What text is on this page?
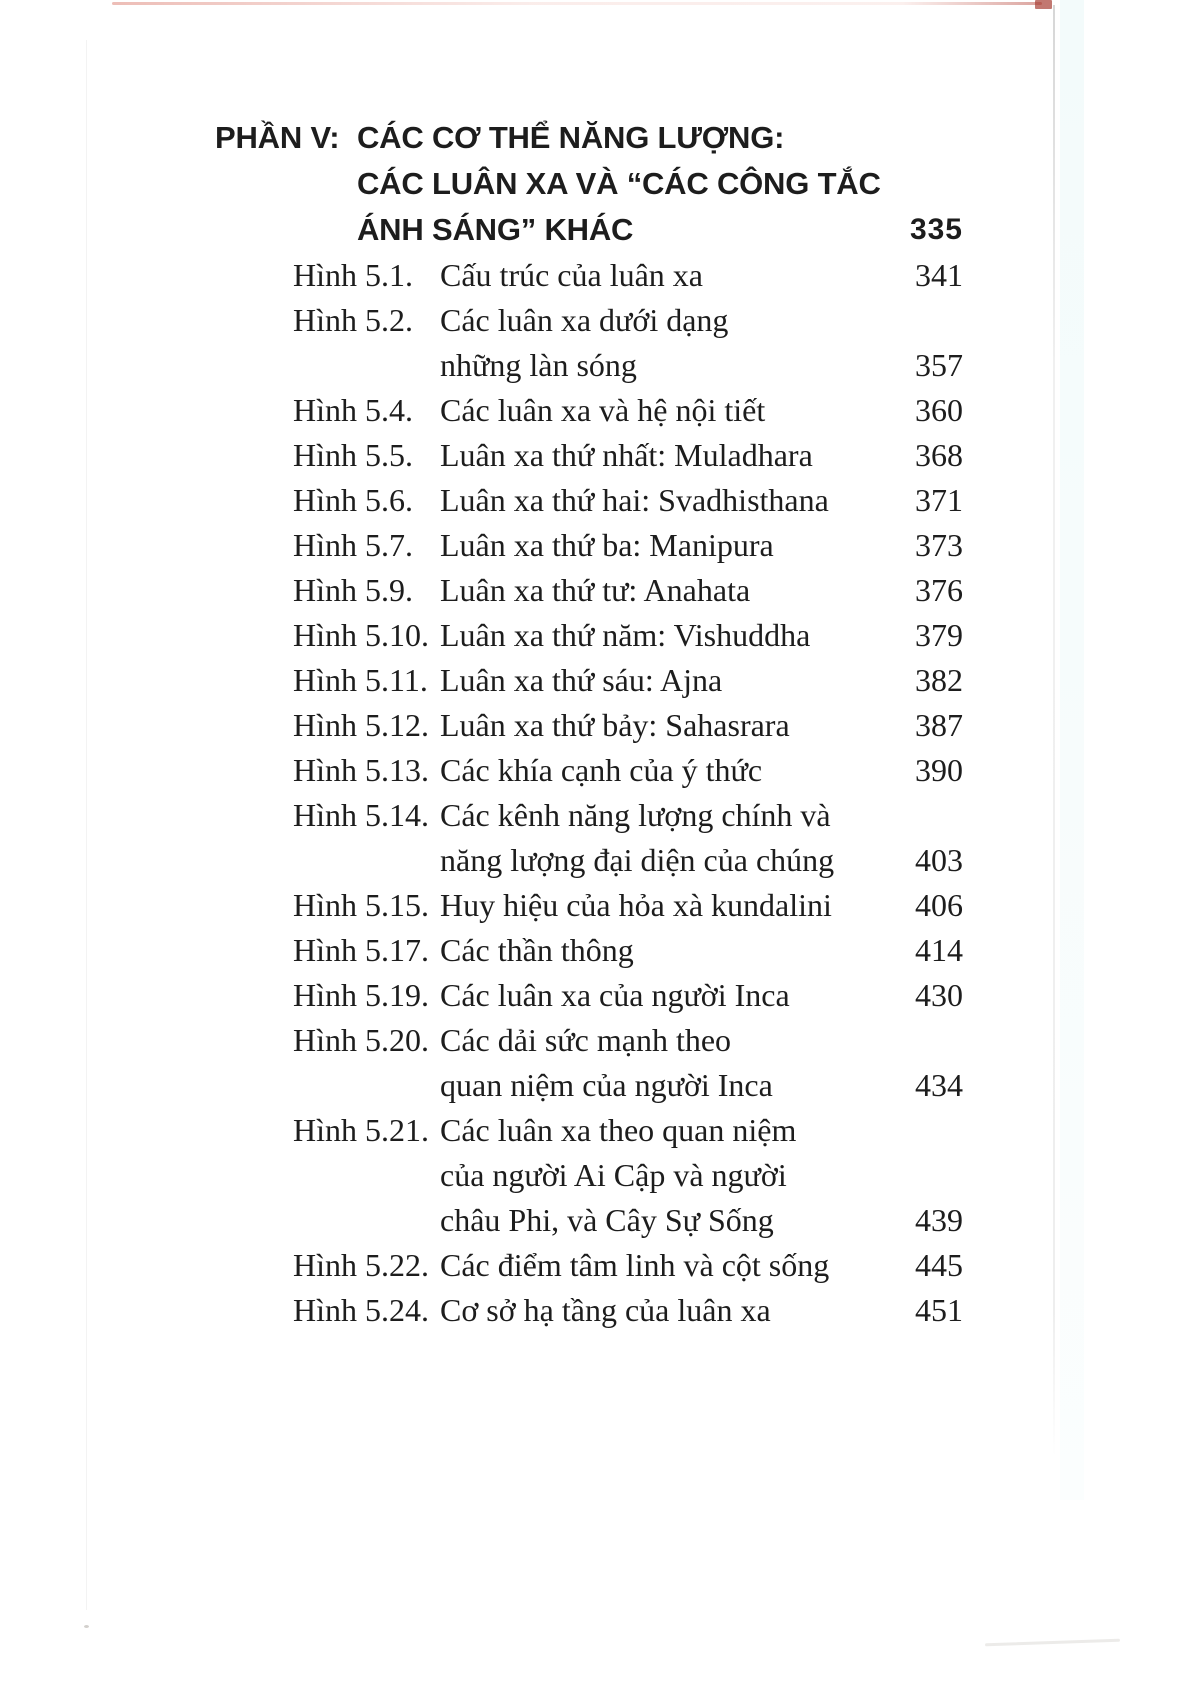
PHẦN V: CÁC CƠ THỂ NĂNG LƯỢNG:
CÁC LUÂN XA VÀ “CÁC CÔNG TẮC
ÁNH SÁNG” KHÁC	335
Hình 5.1. Cấu trúc của luân xa	341
Hình 5.2. Các luân xa dưới dạng
những làn sóng	357
Hình 5.4. Các luân xa và hệ nội tiết	360
Hình 5.5. Luân xa thứ nhất: Muladhara	368
Hình 5.6. Luân xa thứ hai: Svadhisthana	371
Hình 5.7. Luân xa thứ ba: Manipura	373
Hình 5.9. Luân xa thứ tư: Anahata	376
Hình 5.10. Luân xa thứ năm: Vishuddha	379
Hình 5.11. Luân xa thứ sáu: Ajna	382
Hình 5.12. Luân xa thứ bảy: Sahasrara	387
Hình 5.13. Các khía cạnh của ý thức	390
Hình 5.14. Các kênh năng lượng chính và
năng lượng đại diện của chúng	403
Hình 5.15. Huy hiệu của hỏa xà kundalini	406
Hình 5.17. Các thần thông	414
Hình 5.19. Các luân xa của người Inca	430
Hình 5.20. Các dải sức mạnh theo
quan niệm của người Inca	434
Hình 5.21. Các luân xa theo quan niệm
của người Ai Cập và người
châu Phi, và Cây Sự Sống	439
Hình 5.22. Các điểm tâm linh và cột sống	445
Hình 5.24. Cơ sở hạ tầng của luân xa	451
